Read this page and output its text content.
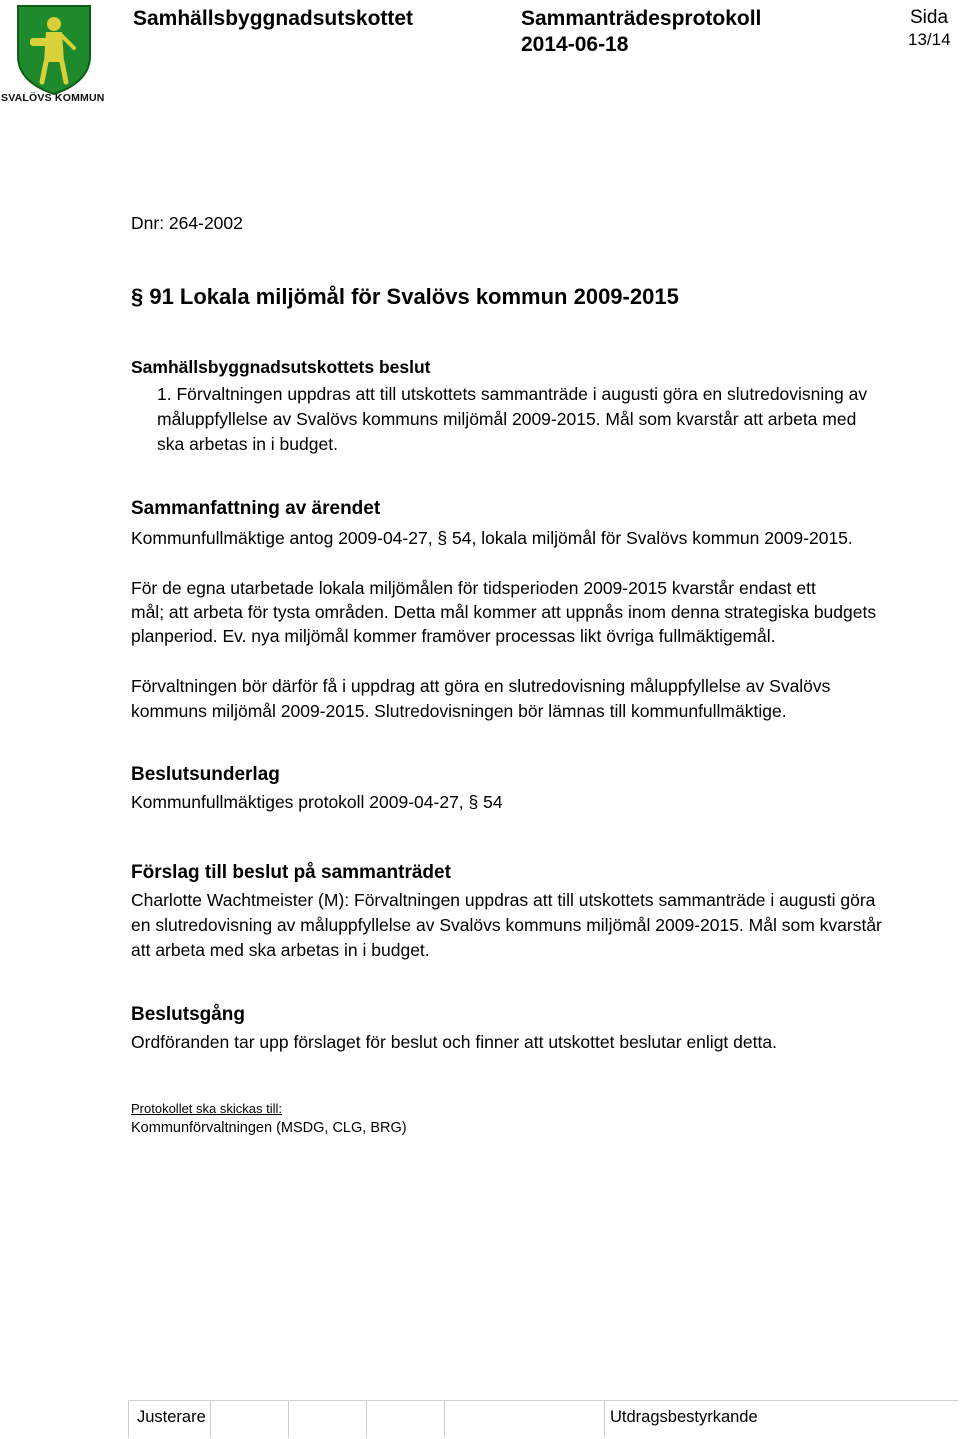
SVALÖVS KOMMUN
Samhällsbyggnadsutskottet	Sammanträdesprotokoll
2014-06-18
Sida
13/14
Dnr: 264-2002
§ 91 Lokala miljömål för Svalövs kommun 2009-2015
Samhällsbyggnadsutskottets beslut
1. Förvaltningen uppdras att till utskottets sammanträde i augusti göra en slutredovisning av
måluppfyllelse av Svalövs kommuns miljömål 2009-2015. Mål som kvarstår att arbeta med
ska arbetas in i budget.
Sammanfattning av ärendet
Kommunfullmäktige antog 2009-04-27, § 54, lokala miljömål för Svalövs kommun 2009-2015.
För de egna utarbetade lokala miljömålen för tidsperioden 2009-2015 kvarstår endast ett
mål; att arbeta för tysta områden. Detta mål kommer att uppnås inom denna strategiska budgets
planperiod. Ev. nya miljömål kommer framöver processas likt övriga fullmäktigemål.
Förvaltningen bör därför få i uppdrag att göra en slutredovisning måluppfyllelse av Svalövs
kommuns miljömål 2009-2015. Slutredovisningen bör lämnas till kommunfullmäktige.
Beslutsunderlag
Kommunfullmäktiges protokoll 2009-04-27, § 54
Förslag till beslut på sammanträdet
Charlotte Wachtmeister (M): Förvaltningen uppdras att till utskottets sammanträde i augusti göra
en slutredovisning av måluppfyllelse av Svalövs kommuns miljömål 2009-2015. Mål som kvarstår
att arbeta med ska arbetas in i budget.
Beslutsgång
Ordföranden tar upp förslaget för beslut och finner att utskottet beslutar enligt detta.
Protokollet ska skickas till:
Kommunförvaltningen (MSDG, CLG, BRG)
Justerare	Utdragsbestyrkande
